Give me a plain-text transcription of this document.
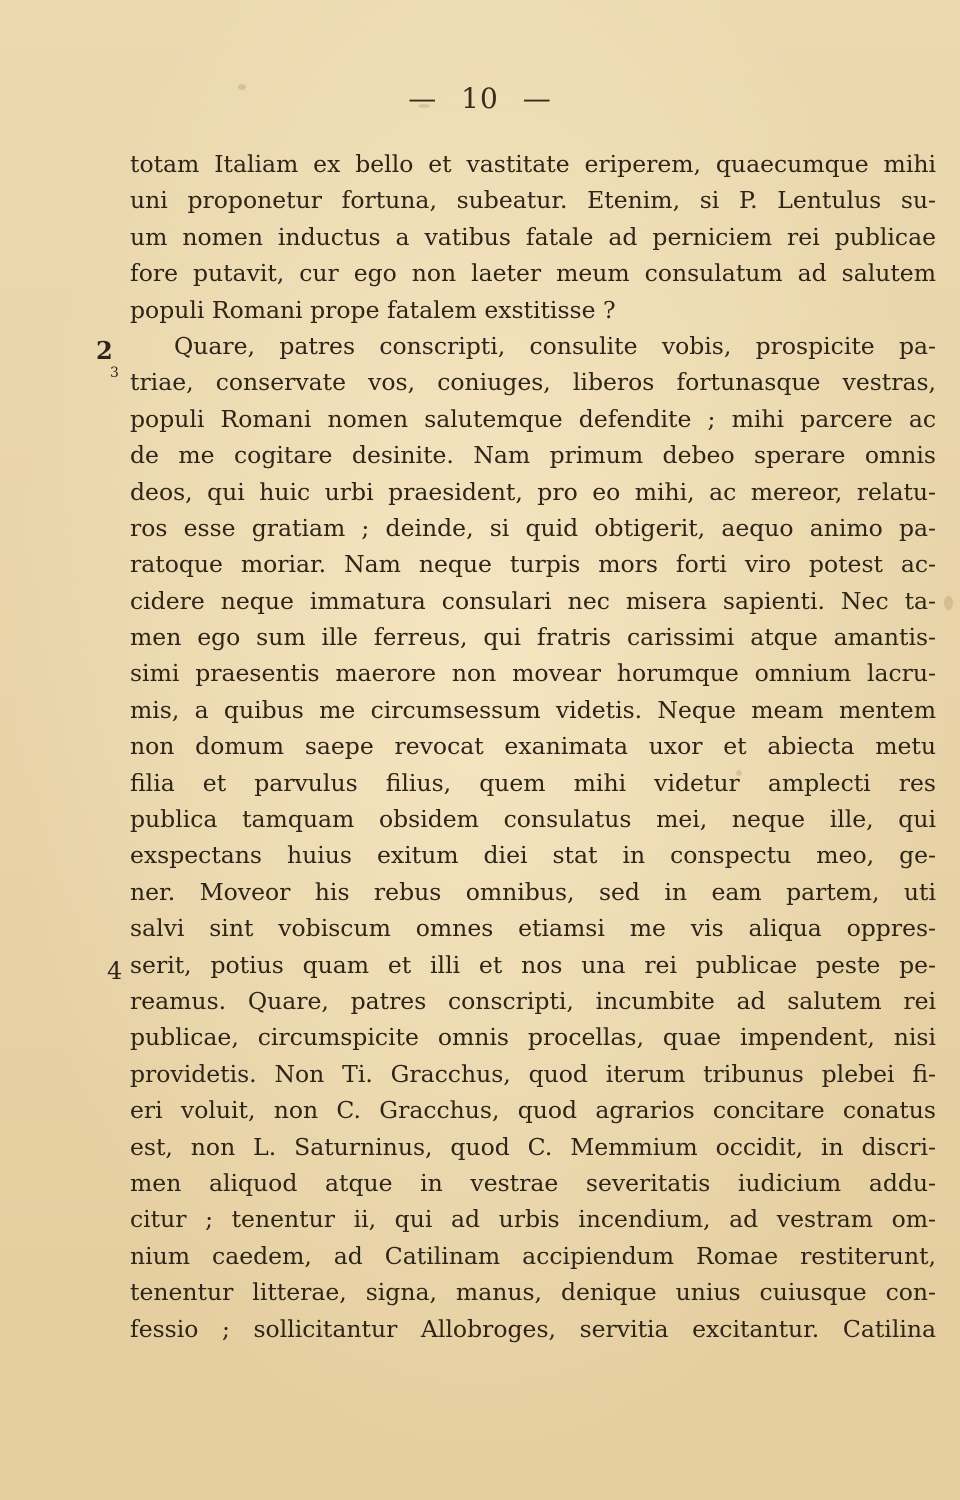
— 10 —
2
3
4
totam Italiam ex bello et vastitate eriperem, quaecumque mihi
uni proponetur fortuna, subeatur. Etenim, si P. Lentulus su-
um nomen inductus a vatibus fatale ad perniciem rei publicae
fore putavit, cur ego non laeter meum consulatum ad salutem
populi Romani prope fatalem exstitisse ?
Quare, patres conscripti, consulite vobis, prospicite pa-
triae, conservate vos, coniuges, liberos fortunasque vestras,
populi Romani nomen salutemque defendite ; mihi parcere ac
de me cogitare desinite. Nam primum debeo sperare omnis
deos, qui huic urbi praesident, pro eo mihi, ac mereor, relatu-
ros esse gratiam ; deinde, si quid obtigerit, aequo animo pa-
ratoque moriar. Nam neque turpis mors forti viro potest ac-
cidere neque immatura consulari nec misera sapienti. Nec ta-
men ego sum ille ferreus, qui fratris carissimi atque amantis-
simi praesentis maerore non movear horumque omnium lacru-
mis, a quibus me circumsessum videtis. Neque meam mentem
non domum saepe revocat exanimata uxor et abiecta metu
filia et parvulus filius, quem mihi videtur amplecti res
publica tamquam obsidem consulatus mei, neque ille, qui
exspectans huius exitum diei stat in conspectu meo, ge-
ner. Moveor his rebus omnibus, sed in eam partem, uti
salvi sint vobiscum omnes etiamsi me vis aliqua oppres-
serit, potius quam et illi et nos una rei publicae peste pe-
reamus. Quare, patres conscripti, incumbite ad salutem rei
publicae, circumspicite omnis procellas, quae impendent, nisi
providetis. Non Ti. Gracchus, quod iterum tribunus plebei fi-
eri voluit, non C. Gracchus, quod agrarios concitare conatus
est, non L. Saturninus, quod C. Memmium occidit, in discri-
men aliquod atque in vestrae severitatis iudicium addu-
citur ; tenentur ii, qui ad urbis incendium, ad vestram om-
nium caedem, ad Catilinam accipiendum Romae restiterunt,
tenentur litterae, signa, manus, denique unius cuiusque con-
fessio ; sollicitantur Allobroges, servitia excitantur. Catilina
